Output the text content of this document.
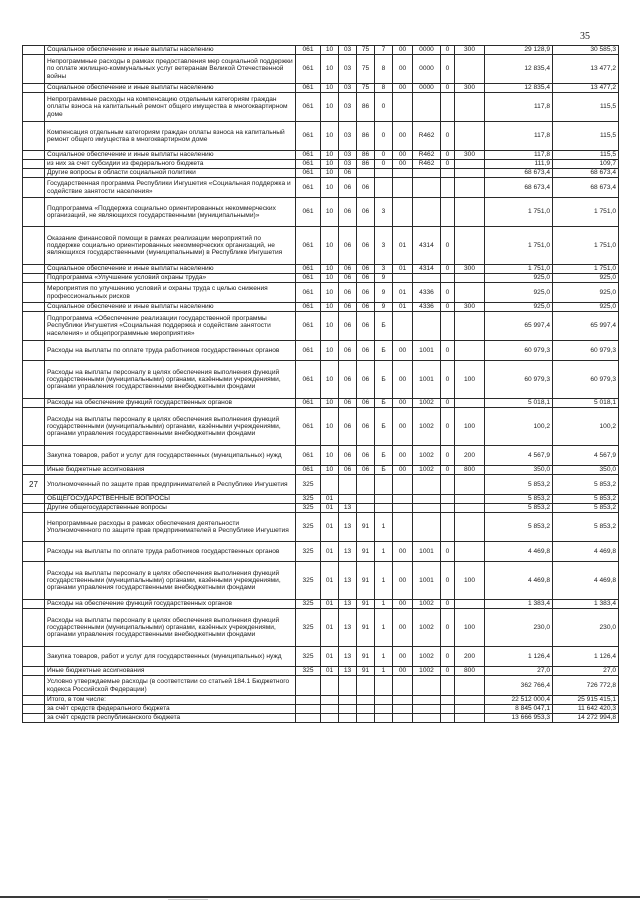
35
	Социальное обеспечение и иные выплаты населению	061	10	03	75	7	00	0000	0	300	29 128,9	30 585,3
	Непрограммные расходы в рамках предоставления мер социальной поддержки по оплате жилищно-коммунальных услуг ветеранам Великой Отечественной войны	061	10	03	75	8	00	0000	0		12 835,4	13 477,2
	Социальное обеспечение и иные выплаты населению	061	10	03	75	8	00	0000	0	300	12 835,4	13 477,2
	Непрограммные расходы на компенсацию отдельным категориям граждан оплаты взноса на капитальный ремонт общего имущества в многоквартирном доме	061	10	03	86	0					117,8	115,5
	Компенсация отдельным категориям граждан оплаты взноса на капитальный ремонт общего имущества в многоквартирном доме	061	10	03	86	0	00	R462	0		117,8	115,5
	Социальное обеспечение и иные выплаты населению	061	10	03	86	0	00	R462	0	300	117,8	115,5
	из них за счет субсидии из федерального бюджета	061	10	03	86	0	00	R462	0		111,9	109,7
	Другие вопросы в области социальной политики	061	10	06							68 673,4	68 673,4
	Государственная программа Республики Ингушетия «Социальная поддержка и содействие занятости населения»	061	10	06	06						68 673,4	68 673,4
	Подпрограмма «Поддержка социально ориентированных некоммерческих организаций, не являющихся государственными (муниципальными)»	061	10	06	06	3					1 751,0	1 751,0
	Оказание финансовой помощи в рамках реализации мероприятий по поддержке социально ориентированных некоммерческих организаций, не являющихся государственными (муниципальными) в Республике Ингушетия	061	10	06	06	3	01	4314	0		1 751,0	1 751,0
	Социальное обеспечение и иные выплаты населению	061	10	06	06	3	01	4314	0	300	1 751,0	1 751,0
	Подпрограмма «Улучшение условий охраны труда»	061	10	06	06	9					925,0	925,0
	Мероприятия по улучшению условий и охраны труда с целью снижения профессиональных рисков	061	10	06	06	9	01	4336	0		925,0	925,0
	Социальное обеспечение и иные выплаты населению	061	10	06	06	9	01	4336	0	300	925,0	925,0
	Подпрограмма «Обеспечение реализации государственной программы Республики Ингушетия «Социальная поддержка и содействие занятости населения» и общепрограммные мероприятия»	061	10	06	06	Б					65 997,4	65 997,4
	Расходы на выплаты по оплате труда работников государственных органов	061	10	06	06	Б	00	1001	0		60 979,3	60 979,3
	Расходы на выплаты персоналу в целях обеспечения выполнения функций государственными (муниципальными) органами, казёнными учреждениями, органами управления государственными внебюджетными фондами	061	10	06	06	Б	00	1001	0	100	60 979,3	60 979,3
	Расходы на обеспечение функций государственных органов	061	10	06	06	Б	00	1002	0		5 018,1	5 018,1
	Расходы на выплаты персоналу в целях обеспечения выполнения функций государственными (муниципальными) органами, казёнными учреждениями, органами управления государственными внебюджетными фондами	061	10	06	06	Б	00	1002	0	100	100,2	100,2
	Закупка товаров, работ и услуг для государственных (муниципальных) нужд	061	10	06	06	Б	00	1002	0	200	4 567,9	4 567,9
	Иные бюджетные ассигнования	061	10	06	06	Б	00	1002	0	800	350,0	350,0
27	Уполномоченный по защите прав предпринимателей в Республике Ингушетия	325									5 853,2	5 853,2
	ОБЩЕГОСУДАРСТВЕННЫЕ ВОПРОСЫ	325	01								5 853,2	5 853,2
	Другие общегосударственные вопросы	325	01	13							5 853,2	5 853,2
	Непрограммные расходы в рамках обеспечения деятельности Уполномоченного по защите прав предпринимателей в Республике Ингушетия	325	01	13	91	1					5 853,2	5 853,2
	Расходы на выплаты по оплате труда работников государственных органов	325	01	13	91	1	00	1001	0		4 469,8	4 469,8
	Расходы на выплаты персоналу в целях обеспечения выполнения функций государственными (муниципальными) органами, казёнными учреждениями, органами управления государственными внебюджетными фондами	325	01	13	91	1	00	1001	0	100	4 469,8	4 469,8
	Расходы на обеспечение функций государственных органов	325	01	13	91	1	00	1002	0		1 383,4	1 383,4
	Расходы на выплаты персоналу в целях обеспечения выполнения функций государственными (муниципальными) органами, казённых учреждениями, органами управления государственными внебюджетными фондами	325	01	13	91	1	00	1002	0	100	230,0	230,0
	Закупка товаров, работ и услуг для государственных (муниципальных) нужд	325	01	13	91	1	00	1002	0	200	1 126,4	1 126,4
	Иные бюджетные ассигнования	325	01	13	91	1	00	1002	0	800	27,0	27,0
	Условно утверждаемые расходы (в соответствии со статьей 184.1 Бюджетного кодекса Российской Федерации)										362 766,4	726 772,8
	Итого, в том числе:										22 512 000,4	25 915 415,1
	за счёт средств федерального бюджета										8 845 047,1	11 642 420,3
	за счёт средств республиканского бюджета										13 666 953,3	14 272 994,8
